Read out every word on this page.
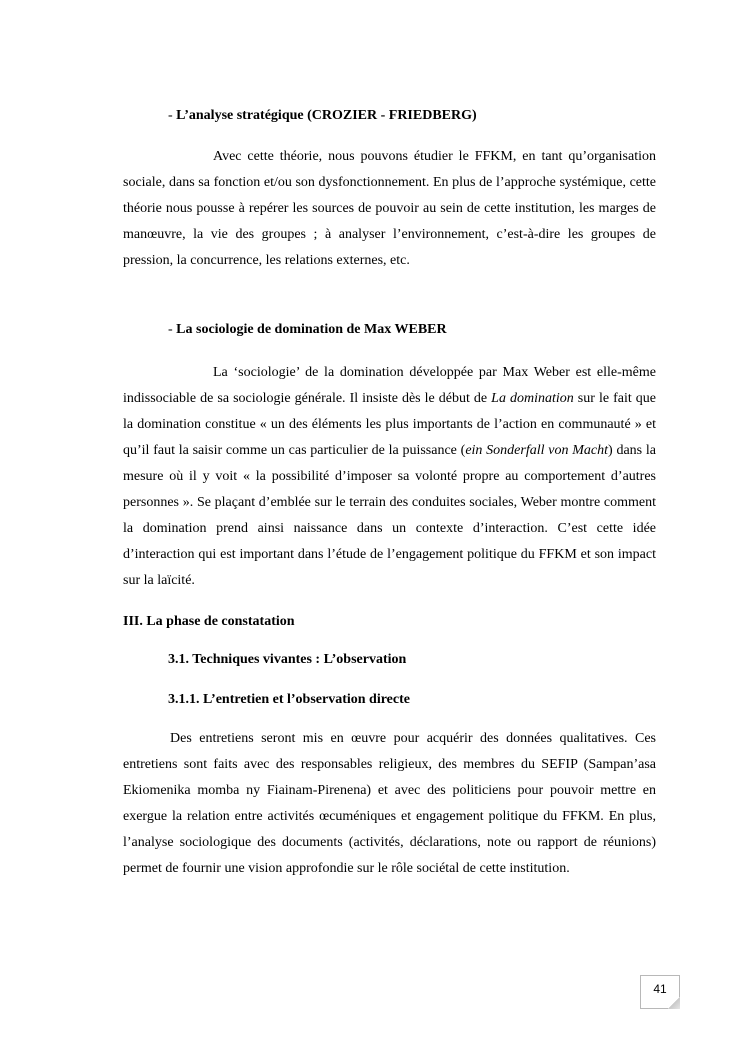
- L’analyse stratégique (CROZIER - FRIEDBERG)

Avec cette théorie, nous pouvons étudier le FFKM, en tant qu’organisation sociale, dans sa fonction et/ou son dysfonctionnement. En plus de l’approche systémique, cette théorie nous pousse à repérer les sources de pouvoir au sein de cette institution, les marges de manœuvre, la vie des groupes ; à analyser l’environnement, c’est-à-dire les groupes de pression, la concurrence, les relations externes, etc.

- La sociologie de domination de Max WEBER

La ‘sociologie’ de la domination développée par Max Weber est elle-même indissociable de sa sociologie générale. Il insiste dès le début de La domination sur le fait que la domination constitue « un des éléments les plus importants de l’action en communauté » et qu’il faut la saisir comme un cas particulier de la puissance (ein Sonderfall von Macht) dans la mesure où il y voit « la possibilité d’imposer sa volonté propre au comportement d’autres personnes ». Se plaçant d’emblée sur le terrain des conduites sociales, Weber montre comment la domination prend ainsi naissance dans un contexte d’interaction. C’est cette idée d’interaction qui est important dans l’étude de l’engagement politique du FFKM et son impact sur la laïcité.

III. La phase de constatation

3.1. Techniques vivantes : L’observation

3.1.1. L’entretien et l’observation directe

Des entretiens seront mis en œuvre pour acquérir des données qualitatives. Ces entretiens sont faits avec des responsables religieux, des membres du SEFIP (Sampan’asa Ekiomenika momba ny Fiainam-Pirenena) et avec des politiciens pour pouvoir mettre en exergue la relation entre activités œcuméniques et engagement politique du FFKM. En plus, l’analyse sociologique des documents (activités, déclarations, note ou rapport de réunions) permet de fournir une vision approfondie sur le rôle sociétal de cette institution.

41
